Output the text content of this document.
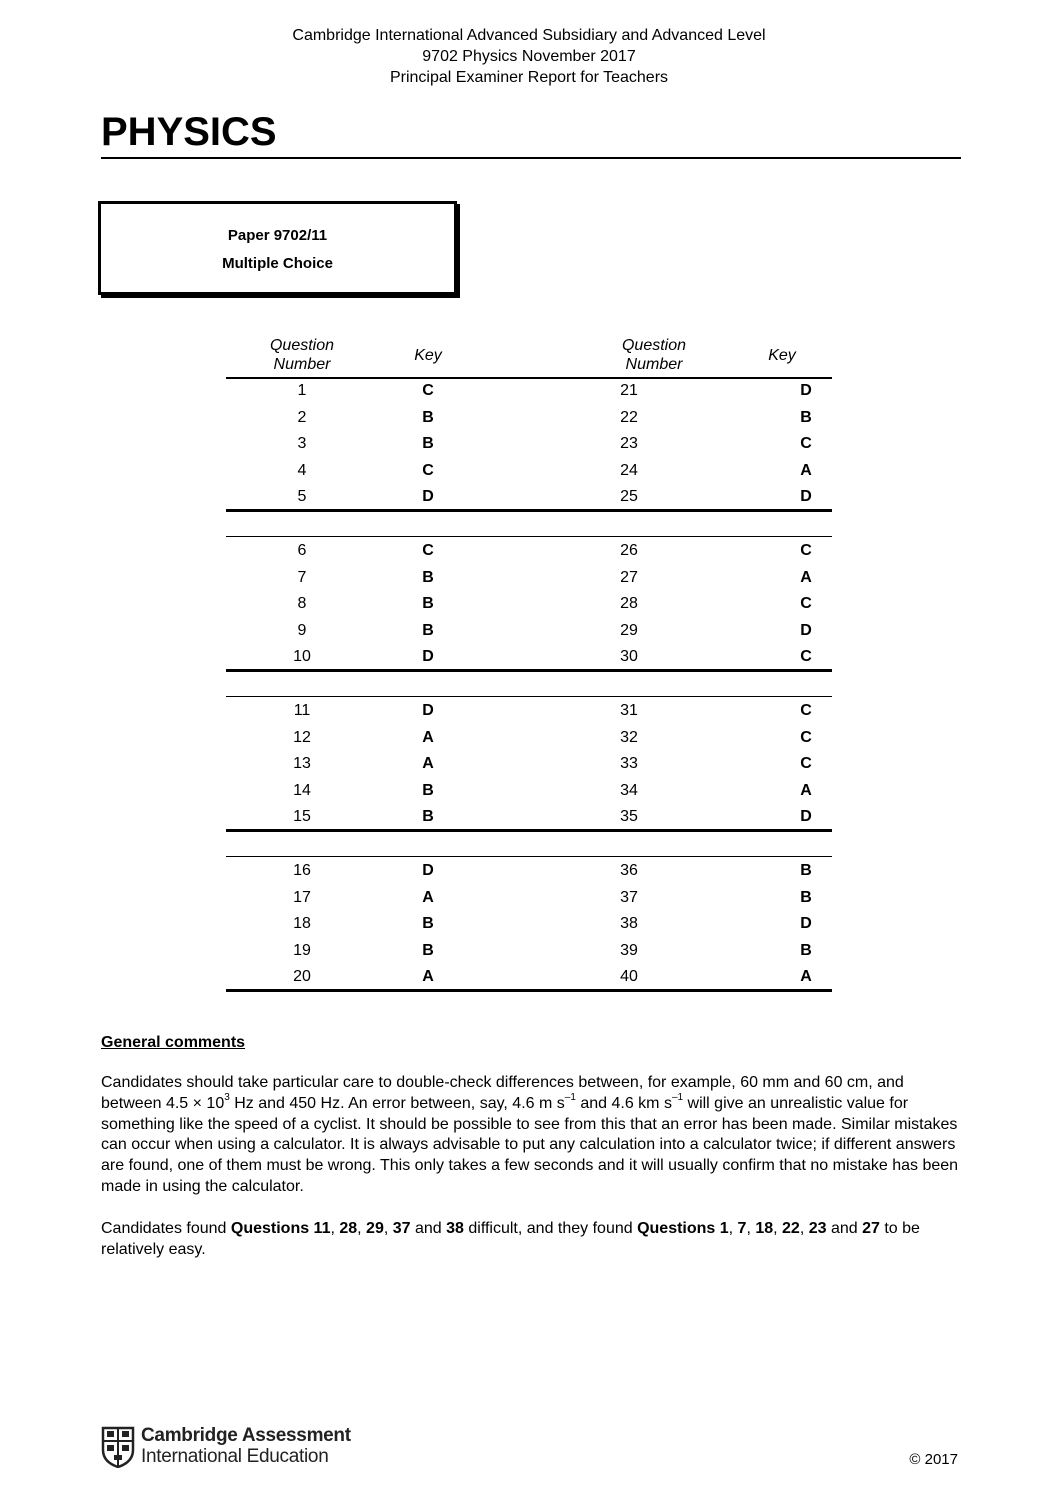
Cambridge International Advanced Subsidiary and Advanced Level
9702 Physics November 2017
Principal Examiner Report for Teachers
PHYSICS
Paper 9702/11
Multiple Choice
Question
Number
Key
Question
Number
Key
1	C	21	D
2	B	22	B
3	B	23	C
4	C	24	A
5	D	25	D
6	C	26	C
7	B	27	A
8	B	28	C
9	B	29	D
10	D	30	C
11	D	31	C
12	A	32	C
13	A	33	C
14	B	34	A
15	B	35	D
16	D	36	B
17	A	37	B
18	B	38	D
19	B	39	B
20	A	40	A
General comments

Candidates should take particular care to double-check differences between, for example, 60 mm and 60 cm, and between $4.5 \times 10^3$ Hz and 450 Hz. An error between, say, 4.6 m $s^{-1}$ and 4.6 km $s^{-1}$ will give an unrealistic value for something like the speed of a cyclist. It should be possible to see from this that an error has been made. Similar mistakes can occur when using a calculator. It is always advisable to put any calculation into a calculator twice; if different answers are found, one of them must be wrong. This only takes a few seconds and it will usually confirm that no mistake has been made in using the calculator.

Candidates found Questions 11, 28, 29, 37 and 38 difficult, and they found Questions 1, 7, 18, 22, 23 and 27 to be relatively easy.

Cambridge Assessment
International Education	© 2017
